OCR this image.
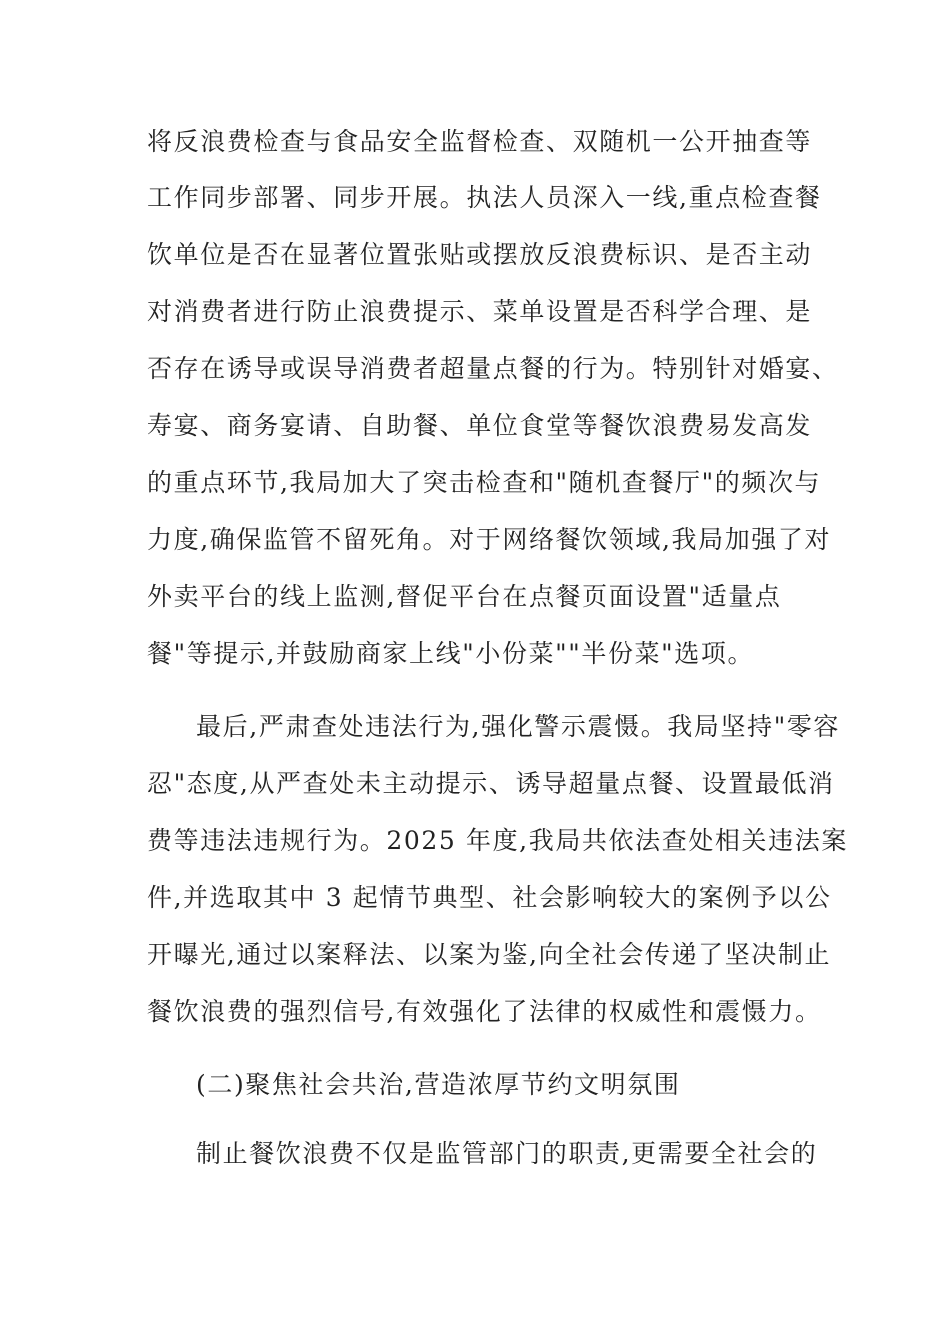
将反浪费检查与食品安全监督检查、双随机一公开抽查等
工作同步部署、同步开展。执法人员深入一线,重点检查餐
饮单位是否在显著位置张贴或摆放反浪费标识、是否主动
对消费者进行防止浪费提示、菜单设置是否科学合理、是
否存在诱导或误导消费者超量点餐的行为。特别针对婚宴、
寿宴、商务宴请、自助餐、单位食堂等餐饮浪费易发高发
的重点环节,我局加大了突击检查和"随机查餐厅"的频次与
力度,确保监管不留死角。对于网络餐饮领域,我局加强了对
外卖平台的线上监测,督促平台在点餐页面设置"适量点
餐"等提示,并鼓励商家上线"小份菜""半份菜"选项。
最后,严肃查处违法行为,强化警示震慑。我局坚持"零容
忍"态度,从严查处未主动提示、诱导超量点餐、设置最低消
费等违法违规行为。2025 年度,我局共依法查处相关违法案
件,并选取其中 3 起情节典型、社会影响较大的案例予以公
开曝光,通过以案释法、以案为鉴,向全社会传递了坚决制止
餐饮浪费的强烈信号,有效强化了法律的权威性和震慑力。
(二)聚焦社会共治,营造浓厚节约文明氛围
制止餐饮浪费不仅是监管部门的职责,更需要全社会的
